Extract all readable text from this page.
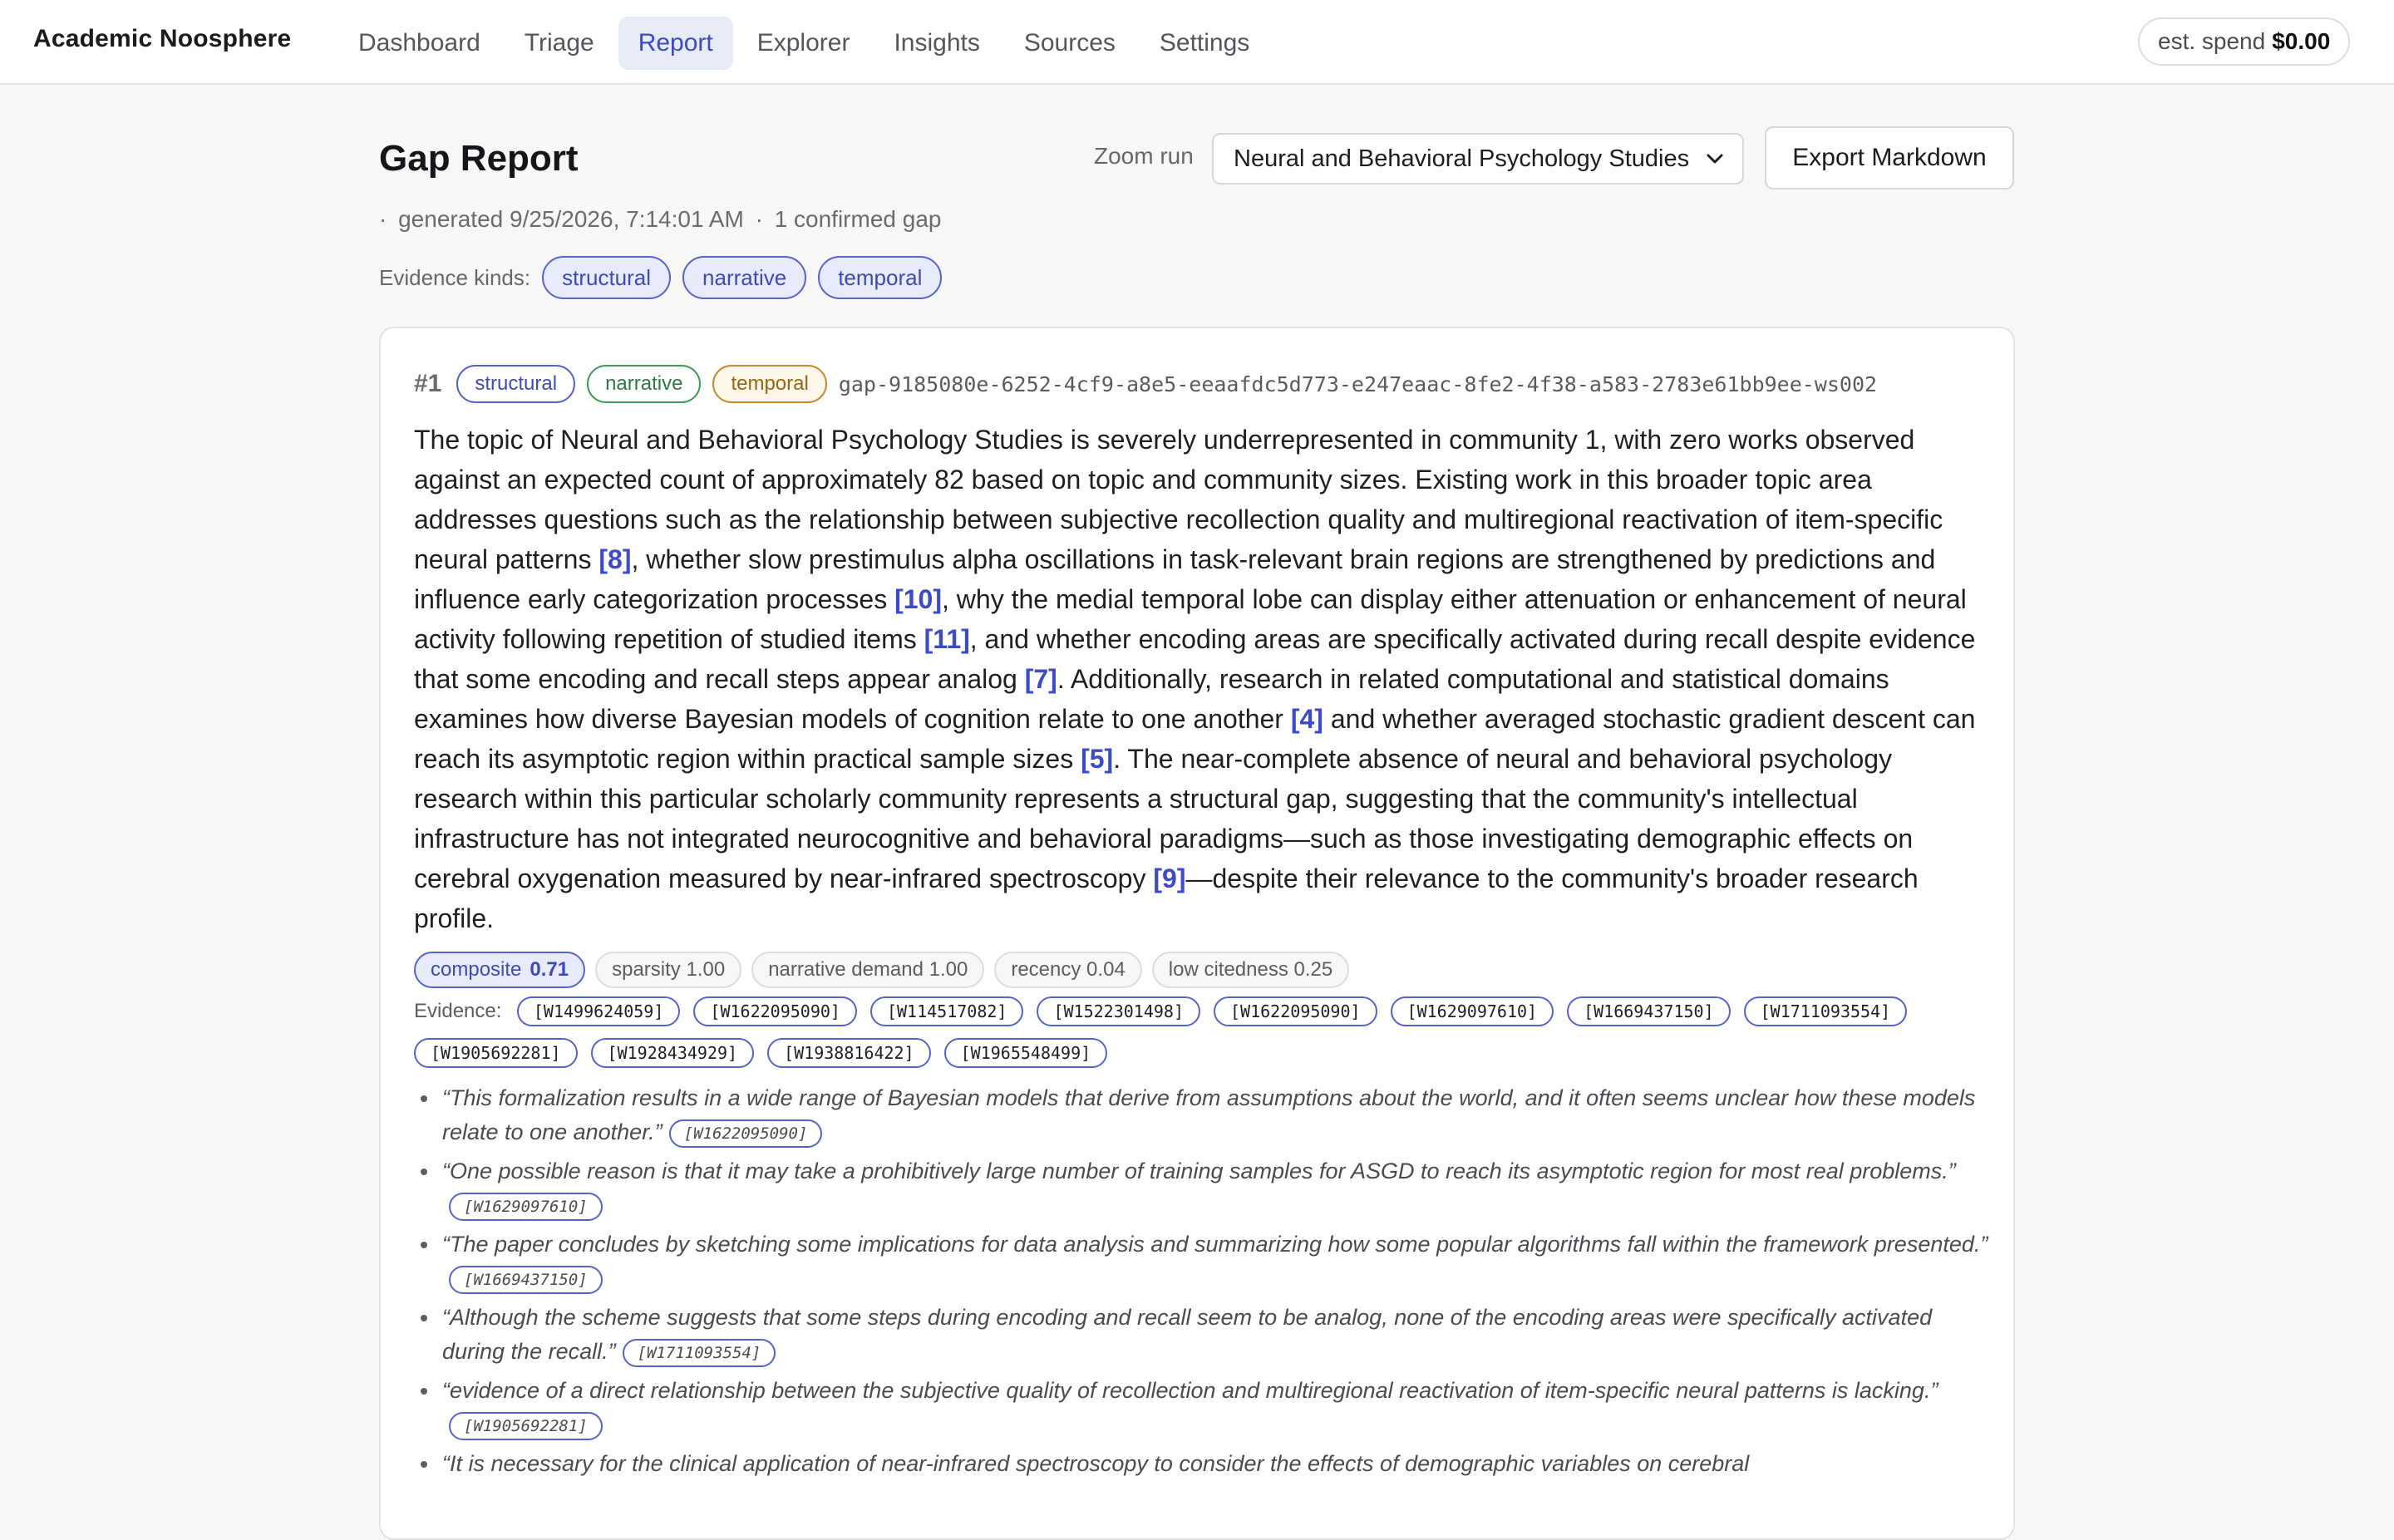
Academic Noosphere	Dashboard	Triage	Report	Explorer	Insights	Sources	Settings	est. spend $0.00
Gap Report	Zoom run	Neural and Behavioral Psychology Studies	Export Markdown
· generated 9/25/2026, 7:14:01 AM · 1 confirmed gap
Evidence kinds:	structural	narrative	temporal
#1	structural	narrative	temporal	gap-9185080e-6252-4cf9-a8e5-eeaafdc5d773-e247eaac-8fe2-4f38-a583-2783e61bb9ee-ws002

The topic of Neural and Behavioral Psychology Studies is severely underrepresented in community 1, with zero works observed against an expected count of approximately 82 based on topic and community sizes. Existing work in this broader topic area addresses questions such as the relationship between subjective recollection quality and multiregional reactivation of item-specific neural patterns [8], whether slow prestimulus alpha oscillations in task-relevant brain regions are strengthened by predictions and influence early categorization processes [10], why the medial temporal lobe can display either attenuation or enhancement of neural activity following repetition of studied items [11], and whether encoding areas are specifically activated during recall despite evidence that some encoding and recall steps appear analog [7]. Additionally, research in related computational and statistical domains examines how diverse Bayesian models of cognition relate to one another [4] and whether averaged stochastic gradient descent can reach its asymptotic region within practical sample sizes [5]. The near-complete absence of neural and behavioral psychology research within this particular scholarly community represents a structural gap, suggesting that the community's intellectual infrastructure has not integrated neurocognitive and behavioral paradigms—such as those investigating demographic effects on cerebral oxygenation measured by near-infrared spectroscopy [9]—despite their relevance to the community's broader research profile.

composite 0.71	sparsity 1.00	narrative demand 1.00	recency 0.04	low citedness 0.25
Evidence: [W1499624059]	[W1622095090]	[W114517082]	[W1522301498]	[W1622095090]	[W1629097610]	[W1669437150]	[W1711093554][W1905692281]	[W1928434929]	[W1938816422]	[W1965548499]
“This formalization results in a wide range of Bayesian models that derive from assumptions about the world, and it often seems unclear how these models relate to one another.” [W1622095090]
“One possible reason is that it may take a prohibitively large number of training samples for ASGD to reach its asymptotic region for most real problems.”[W1629097610]
“The paper concludes by sketching some implications for data analysis and summarizing how some popular algorithms fall within the framework presented.”[W1669437150]
“Although the scheme suggests that some steps during encoding and recall seem to be analog, none of the encoding areas were specifically activated during the recall.” [W1711093554]
“evidence of a direct relationship between the subjective quality of recollection and multiregional reactivation of item-specific neural patterns is lacking.”[W1905692281]
“It is necessary for the clinical application of near-infrared spectroscopy to consider the effects of demographic variables on cerebral
